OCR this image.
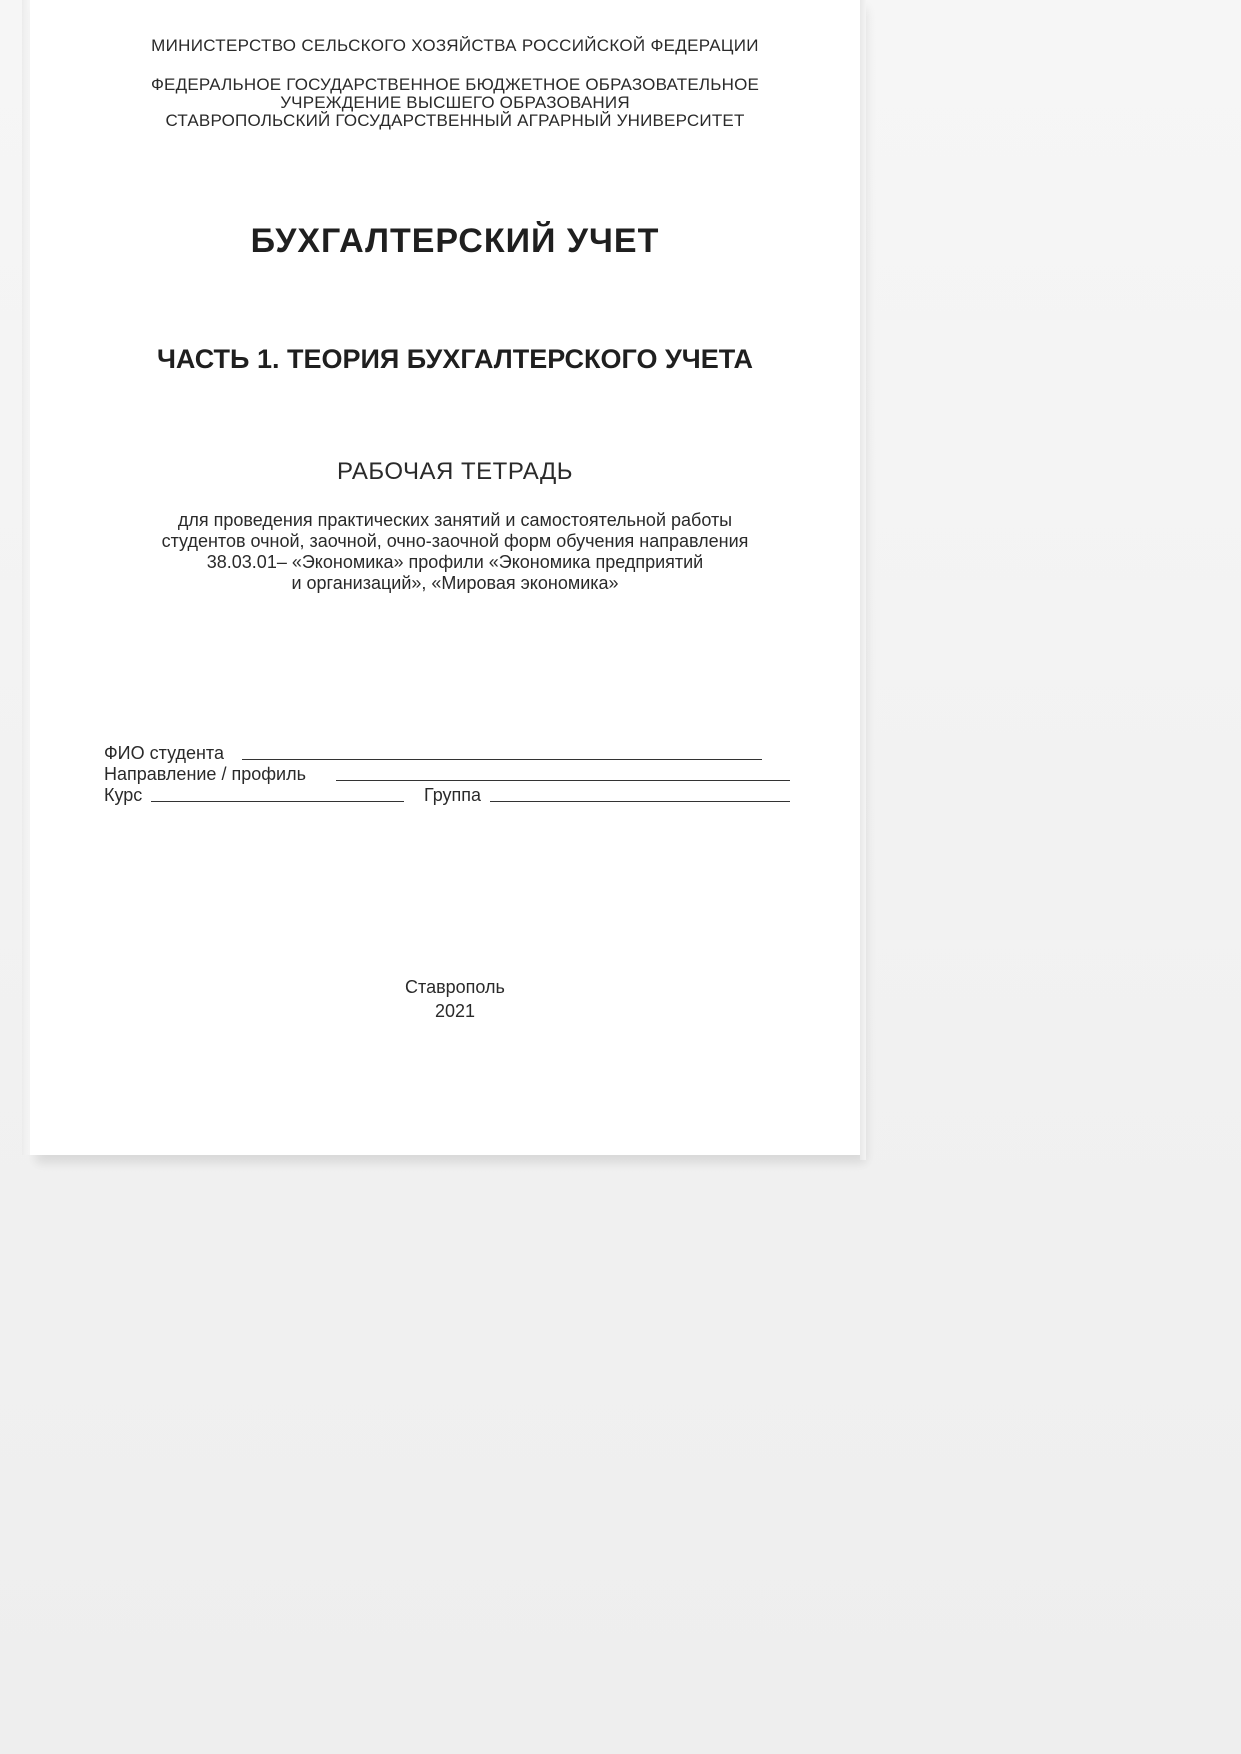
МИНИСТЕРСТВО СЕЛЬСКОГО ХОЗЯЙСТВА РОССИЙСКОЙ ФЕДЕРАЦИИ
ФЕДЕРАЛЬНОЕ ГОСУДАРСТВЕННОЕ БЮДЖЕТНОЕ ОБРАЗОВАТЕЛЬНОЕ
УЧРЕЖДЕНИЕ ВЫСШЕГО ОБРАЗОВАНИЯ
СТАВРОПОЛЬСКИЙ ГОСУДАРСТВЕННЫЙ АГРАРНЫЙ УНИВЕРСИТЕТ
БУХГАЛТЕРСКИЙ УЧЕТ
ЧАСТЬ 1. ТЕОРИЯ БУХГАЛТЕРСКОГО УЧЕТА
РАБОЧАЯ ТЕТРАДЬ
для проведения практических занятий и самостоятельной работы
студентов очной, заочной, очно-заочной форм обучения направления
38.03.01– «Экономика» профили «Экономика предприятий
и организаций», «Мировая экономика»
ФИО студента
Направление / профиль
Курс	Группа
Ставрополь
2021
